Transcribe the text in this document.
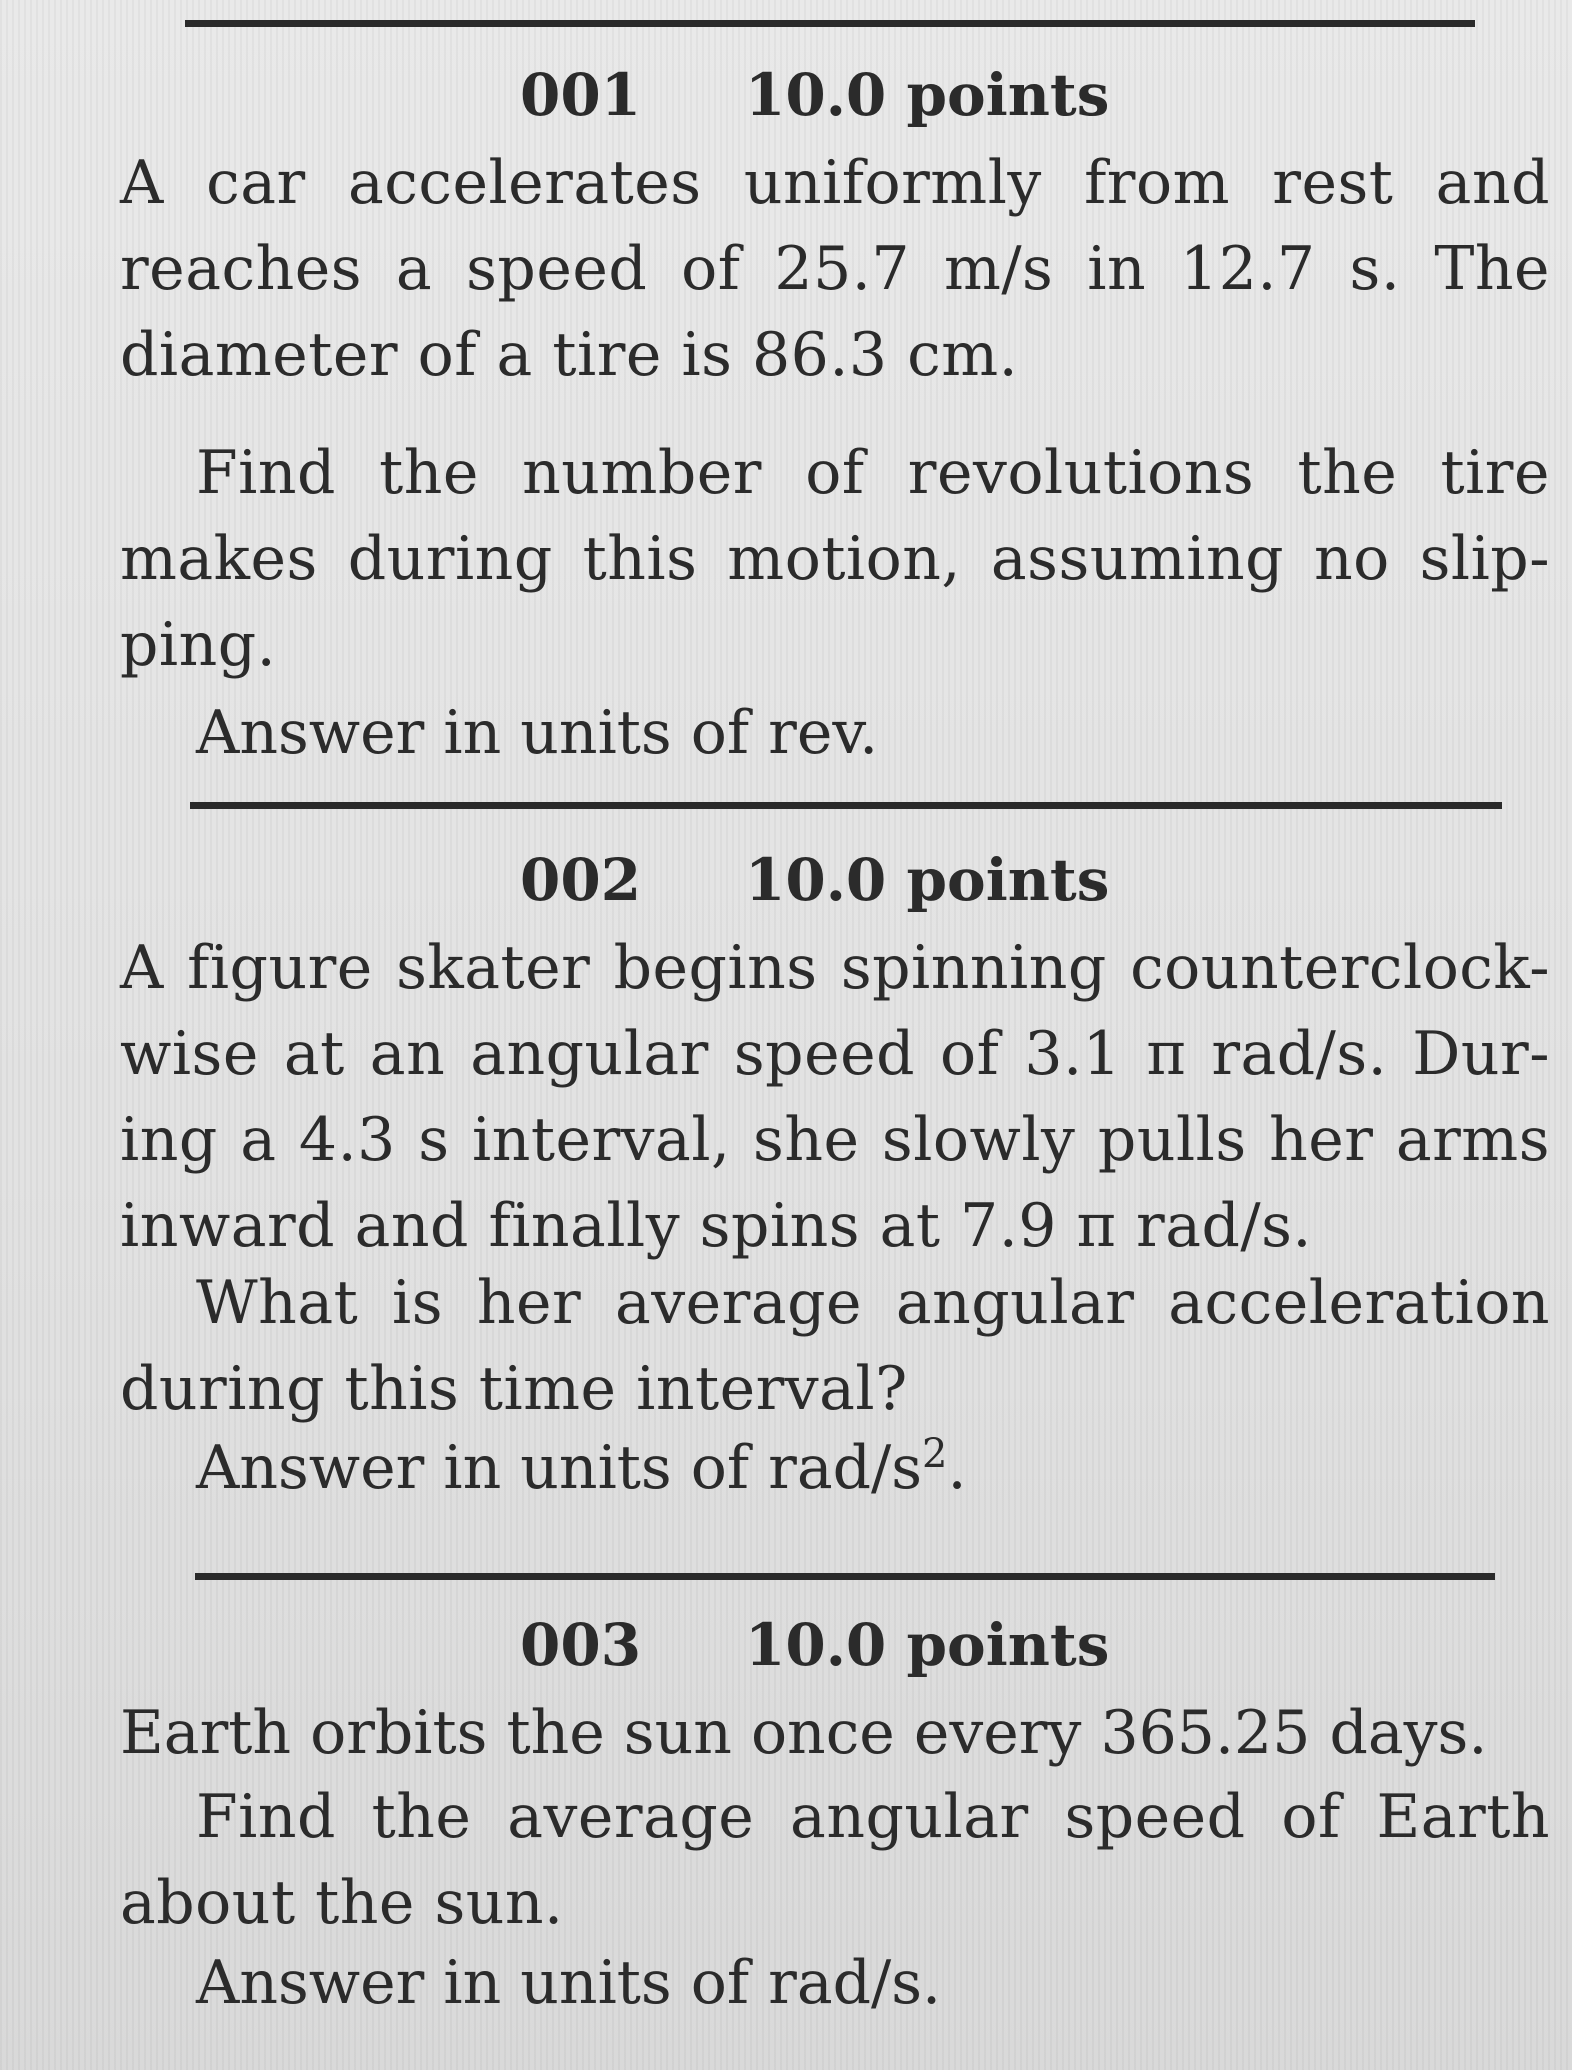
001 10.0 points
A car accelerates uniformly from rest and reaches a speed of 25.7 m/s in 12.7 s. The diameter of a tire is 86.3 cm.
Find the number of revolutions the tire makes during this motion, assuming no slip-ping.
Answer in units of rev.
002 10.0 points
A figure skater begins spinning counterclock-wise at an angular speed of 3.1 π rad/s. Dur-ing a 4.3 s interval, she slowly pulls her arms inward and finally spins at 7.9 π rad/s.
What is her average angular acceleration during this time interval?
Answer in units of rad/$s^2$.
003 10.0 points
Earth orbits the sun once every 365.25 days.
Find the average angular speed of Earth about the sun.
Answer in units of rad/s.
